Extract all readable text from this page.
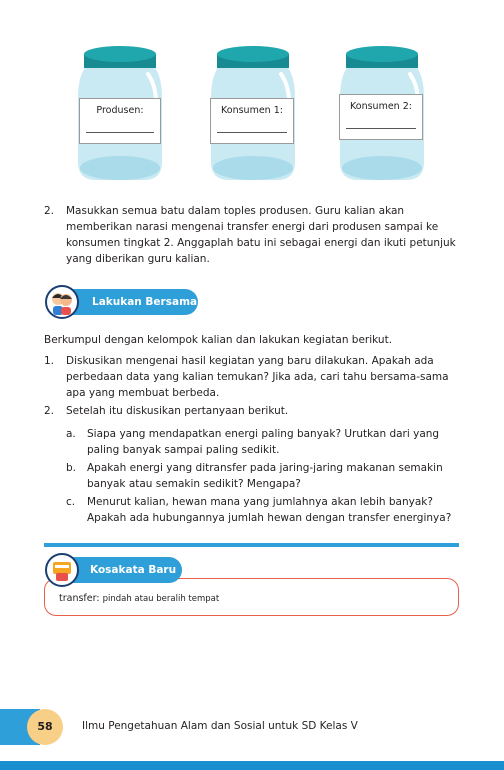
Produsen:	Konsumen 1:	Konsumen 2:
2. Masukkan semua batu dalam toples produsen. Guru kalian akan
memberikan narasi mengenai transfer energi dari produsen sampai ke
konsumen tingkat 2. Anggaplah batu ini sebagai energi dan ikuti petunjuk
yang diberikan guru kalian.
Lakukan Bersama
Berkumpul dengan kelompok kalian dan lakukan kegiatan berikut.
1. Diskusikan mengenai hasil kegiatan yang baru dilakukan. Apakah ada
perbedaan data yang kalian temukan? Jika ada, cari tahu bersama-sama
apa yang membuat berbeda.
2. Setelah itu diskusikan pertanyaan berikut.
a. Siapa yang mendapatkan energi paling banyak? Urutkan dari yang
paling banyak sampai paling sedikit.
b. Apakah energi yang ditransfer pada jaring-jaring makanan semakin
banyak atau semakin sedikit? Mengapa?
c. Menurut kalian, hewan mana yang jumlahnya akan lebih banyak?
Apakah ada hubungannya jumlah hewan dengan transfer energinya?
transfer: pindah atau beralih tempat
Kosakata Baru
58	Ilmu Pengetahuan Alam dan Sosial untuk SD Kelas V
